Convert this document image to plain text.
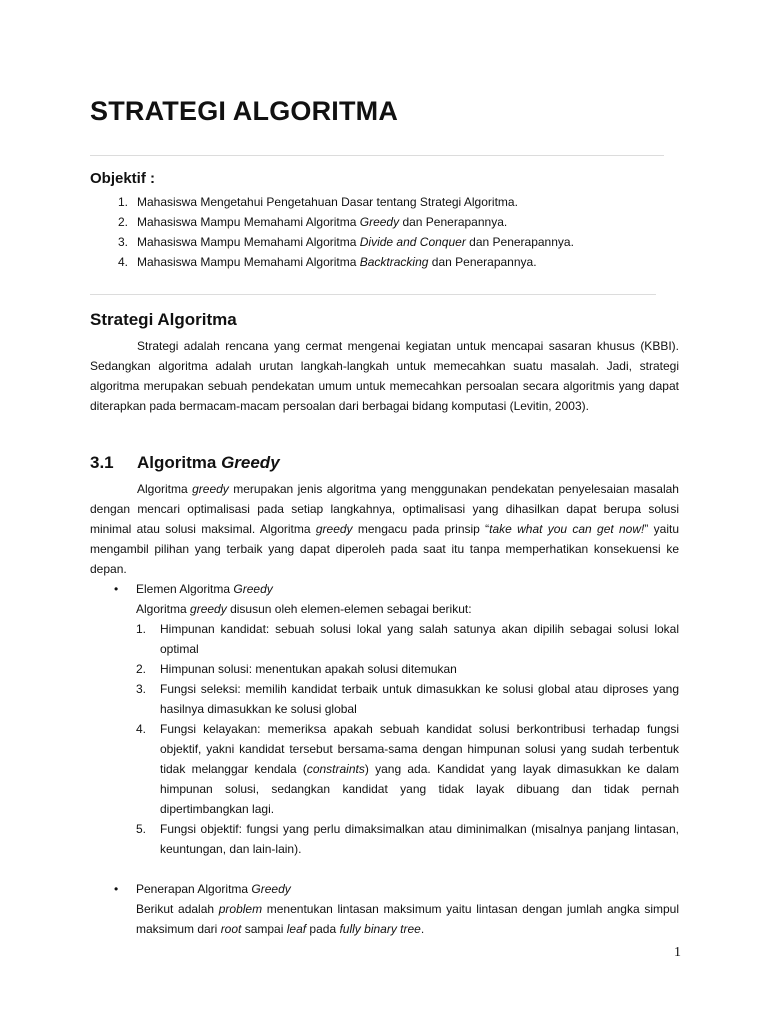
STRATEGI ALGORITMA
Objektif :
1. Mahasiswa Mengetahui Pengetahuan Dasar tentang Strategi Algoritma.
2. Mahasiswa Mampu Memahami Algoritma Greedy dan Penerapannya.
3. Mahasiswa Mampu Memahami Algoritma Divide and Conquer dan Penerapannya.
4. Mahasiswa Mampu Memahami Algoritma Backtracking dan Penerapannya.
Strategi Algoritma

Strategi adalah rencana yang cermat mengenai kegiatan untuk mencapai sasaran khusus (KBBI). Sedangkan algoritma adalah urutan langkah-langkah untuk memecahkan suatu masalah. Jadi, strategi algoritma merupakan sebuah pendekatan umum untuk memecahkan persoalan secara algoritmis yang dapat diterapkan pada bermacam-macam persoalan dari berbagai bidang komputasi (Levitin, 2003).

3.1 Algoritma Greedy

Algoritma greedy merupakan jenis algoritma yang menggunakan pendekatan penyelesaian masalah dengan mencari optimalisasi pada setiap langkahnya, optimalisasi yang dihasilkan dapat berupa solusi minimal atau solusi maksimal. Algoritma greedy mengacu pada prinsip “take what you can get now!” yaitu mengambil pilihan yang terbaik yang dapat diperoleh pada saat itu tanpa memperhatikan konsekuensi ke depan.

• Elemen Algoritma Greedy
Algoritma greedy disusun oleh elemen-elemen sebagai berikut:
1. Himpunan kandidat: sebuah solusi lokal yang salah satunya akan dipilih sebagai solusi lokal optimal
2. Himpunan solusi: menentukan apakah solusi ditemukan
3. Fungsi seleksi: memilih kandidat terbaik untuk dimasukkan ke solusi global atau diproses yang hasilnya dimasukkan ke solusi global
4. Fungsi kelayakan: memeriksa apakah sebuah kandidat solusi berkontribusi terhadap fungsi objektif, yakni kandidat tersebut bersama-sama dengan himpunan solusi yang sudah terbentuk tidak melanggar kendala (constraints) yang ada. Kandidat yang layak dimasukkan ke dalam himpunan solusi, sedangkan kandidat yang tidak layak dibuang dan tidak pernah dipertimbangkan lagi.
5. Fungsi objektif: fungsi yang perlu dimaksimalkan atau diminimalkan (misalnya panjang lintasan, keuntungan, dan lain-lain).
• Penerapan Algoritma Greedy

Berikut adalah problem menentukan lintasan maksimum yaitu lintasan dengan jumlah angka simpul maksimum dari root sampai leaf pada fully binary tree.

1
